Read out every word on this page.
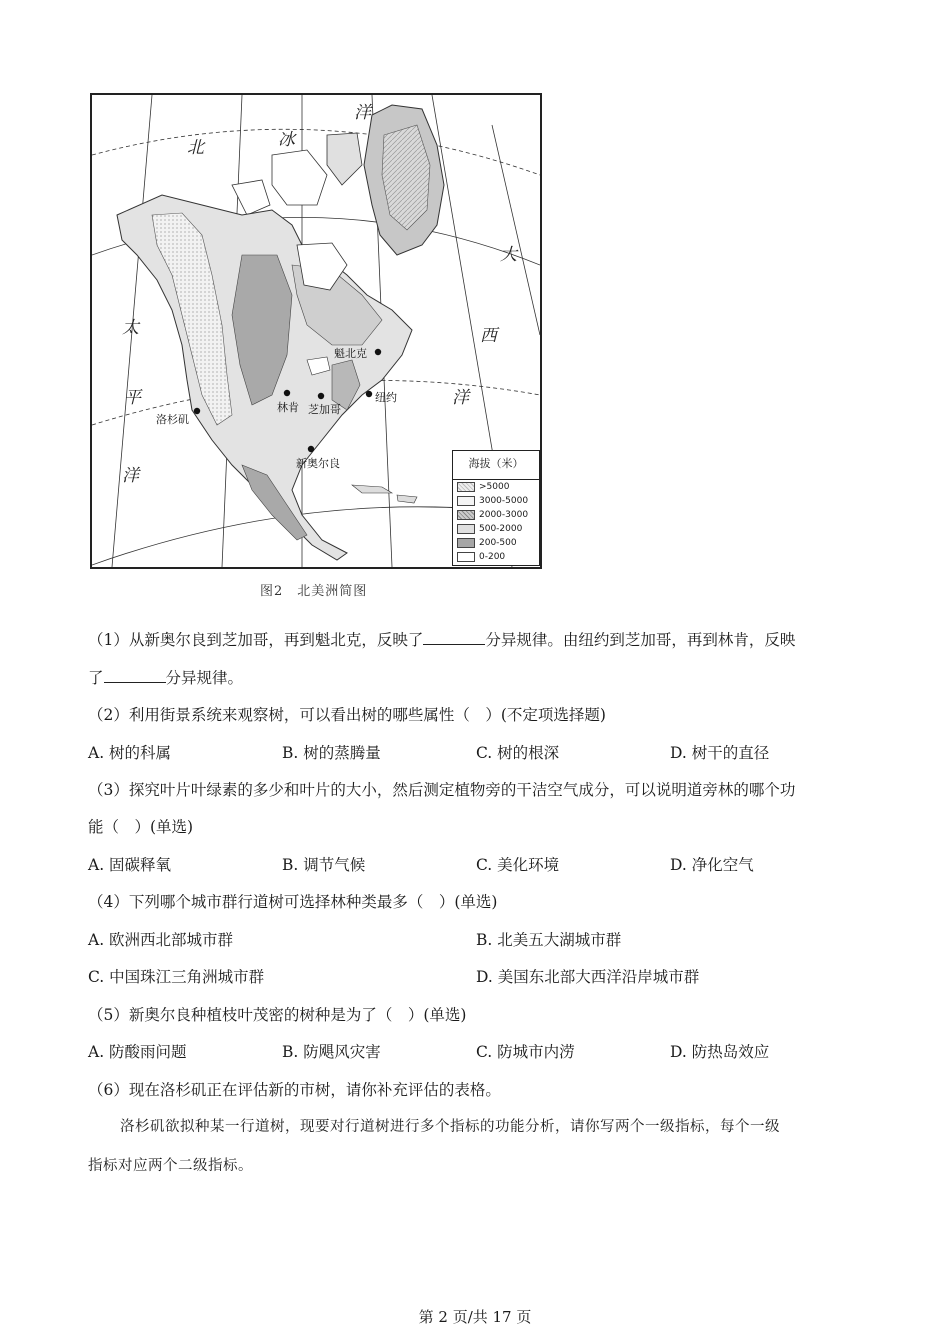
北	冰
洋
大
西
洋
太
平
洋
魁北克
林肯 芝加哥
纽约
洛杉矶
新奥尔良	海拔（米）
>5000
3000-5000
2000-3000
500-2000
200-500
0-200
图2 北美洲简图
（1）从新奥尔良到芝加哥，再到魁北克，反映了	分异规律。由纽约到芝加哥，再到林肯，反映
了	分异规律。
（2）利用街景系统来观察树，可以看出树的哪些属性（　）(不定项选择题)
A. 树的科属	B. 树的蒸腾量	C. 树的根深	D. 树干的直径
（3）探究叶片叶绿素的多少和叶片的大小，然后测定植物旁的干洁空气成分，可以说明道旁林的哪个功
能（　）(单选)
A. 固碳释氧	B. 调节气候	C. 美化环境	D. 净化空气
（4）下列哪个城市群行道树可选择林种类最多（　）(单选)
A. 欧洲西北部城市群	B. 北美五大湖城市群
C. 中国珠江三角洲城市群	D. 美国东北部大西洋沿岸城市群
（5）新奥尔良种植枝叶茂密的树种是为了（　）(单选)
A. 防酸雨问题	B. 防飓风灾害	C. 防城市内涝	D. 防热岛效应
（6）现在洛杉矶正在评估新的市树，请你补充评估的表格。
洛杉矶欲拟种某一行道树，现要对行道树进行多个指标的功能分析，请你写两个一级指标，每个一级
指标对应两个二级指标。
第 2 页/共 17 页
